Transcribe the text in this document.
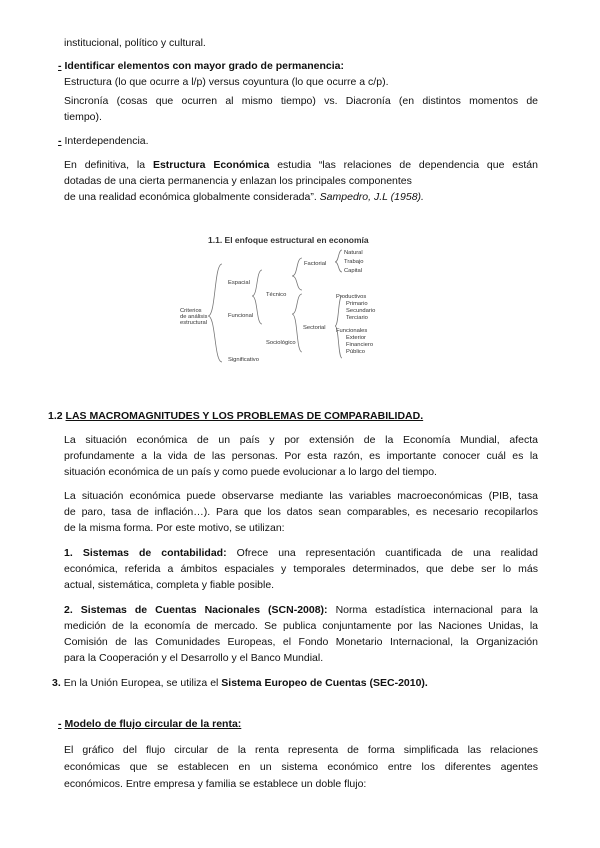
institucional, político y cultural.
- Identificar elementos con mayor grado de permanencia:
Estructura (lo que ocurre a l/p) versus coyuntura (lo que ocurre a c/p).
Sincronía (cosas que ocurren al mismo tiempo) vs. Diacronía (en distintos momentos de
tiempo).
- Interdependencia.
En definitiva, la Estructura Económica estudia “las relaciones de dependencia que están
dotadas de una cierta permanencia y enlazan los principales componentes
de una realidad económica globalmente considerada”. Sampedro, J.L (1958).
1.1. El enfoque estructural en economía
Criterios
de análisis
estructural
Espacial
Funcional
Significativo
Técnico
Sociológico
Factorial
Sectorial
Natural
Trabajo
Capital
Productivos
Primario
Secundario
Terciario
Funcionales
Exterior
Financiero
Público
1.2 LAS MACROMAGNITUDES Y LOS PROBLEMAS DE COMPARABILIDAD.
La situación económica de un país y por extensión de la Economía Mundial, afecta
profundamente a la vida de las personas. Por esta razón, es importante conocer cuál es la
situación económica de un país y como puede evolucionar a lo largo del tiempo.
La situación económica puede observarse mediante las variables macroeconómicas (PIB, tasa
de paro, tasa de inflación…). Para que los datos sean comparables, es necesario recopilarlos
de la misma forma. Por este motivo, se utilizan:
1. Sistemas de contabilidad: Ofrece una representación cuantificada de una realidad
económica, referida a ámbitos espaciales y temporales determinados, que debe ser lo más
actual, sistemática, completa y fiable posible.
2. Sistemas de Cuentas Nacionales (SCN-2008): Norma estadística internacional para la
medición de la economía de mercado. Se publica conjuntamente por las Naciones Unidas, la
Comisión de las Comunidades Europeas, el Fondo Monetario Internacional, la Organización
para la Cooperación y el Desarrollo y el Banco Mundial.
3. En la Unión Europea, se utiliza el Sistema Europeo de Cuentas (SEC-2010).
- Modelo de flujo circular de la renta:
El gráfico del flujo circular de la renta representa de forma simplificada las relaciones
económicas que se establecen en un sistema económico entre los diferentes agentes
económicos. Entre empresa y familia se establece un doble flujo:
